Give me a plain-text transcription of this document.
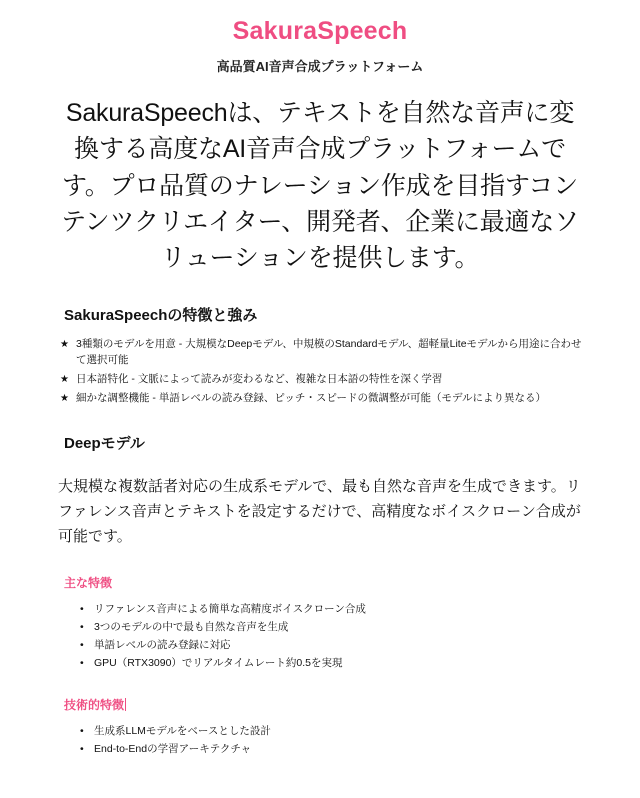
SakuraSpeech
高品質AI音声合成プラットフォーム

SakuraSpeechは、テキストを自然な音声に変換する高度なAI音声合成プラットフォームです。プロ品質のナレーション作成を目指すコンテンツクリエイター、開発者、企業に最適なソリューションを提供します。

SakuraSpeechの特徴と強み
★ 3種類のモデルを用意 - 大規模なDeepモデル、中規模のStandardモデル、超軽量Liteモデルから用途に合わせて選択可能
★ 日本語特化 - 文脈によって読みが変わるなど、複雑な日本語の特性を深く学習
★ 細かな調整機能 - 単語レベルの読み登録、ピッチ・スピードの微調整が可能（モデルにより異なる）
Deepモデル

大規模な複数話者対応の生成系モデルで、最も自然な音声を生成できます。リファレンス音声とテキストを設定するだけで、高精度なボイスクローン合成が可能です。

主な特徴
• リファレンス音声による簡単な高精度ボイスクローン合成
• 3つのモデルの中で最も自然な音声を生成
• 単語レベルの読み登録に対応
• GPU（RTX3090）でリアルタイムレート約0.5を実現
技術的特徴
• 生成系LLMモデルをベースとした設計
• End-to-Endの学習アーキテクチャ
